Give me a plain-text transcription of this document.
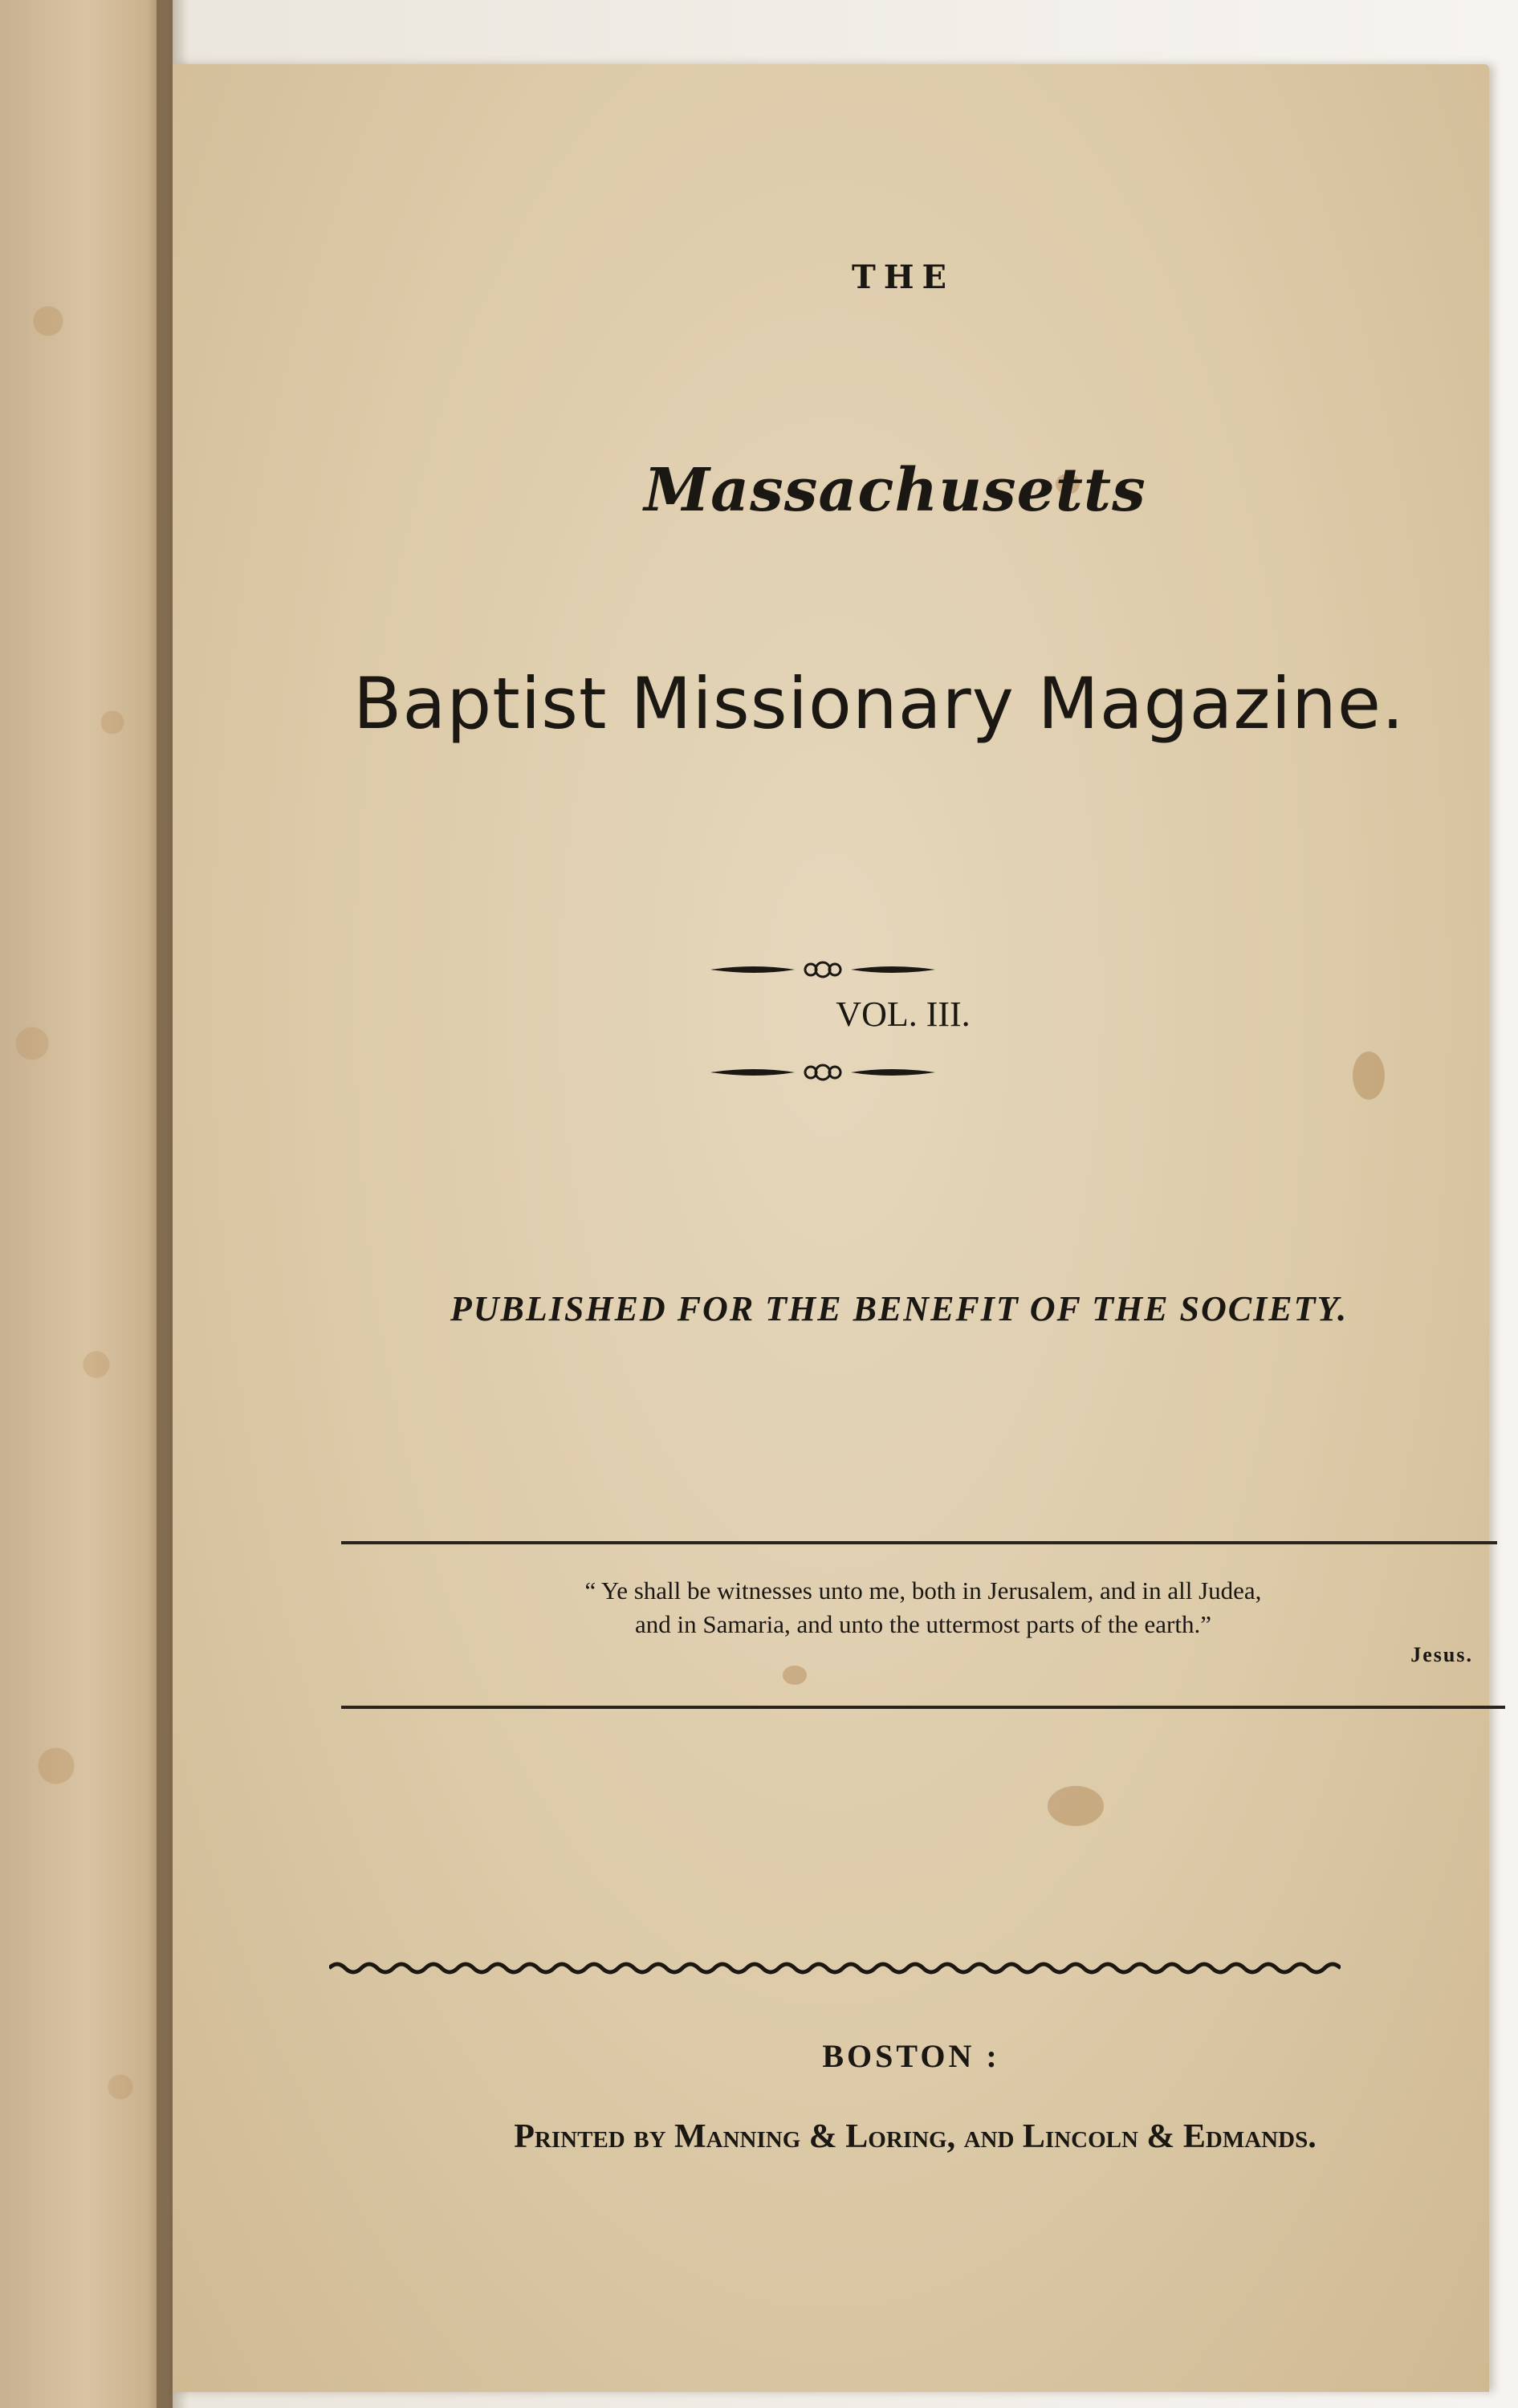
THE
Massachusetts
Baptist Missionary Magazine.
VOL. III.
PUBLISHED FOR THE BENEFIT OF THE SOCIETY.
“ Ye shall be witnesses unto me, both in Jerusalem, and in all Judea,
and in Samaria, and unto the uttermost parts of the earth.”
Jesus.
BOSTON :
Printed by Manning & Loring, and Lincoln & Edmands.
